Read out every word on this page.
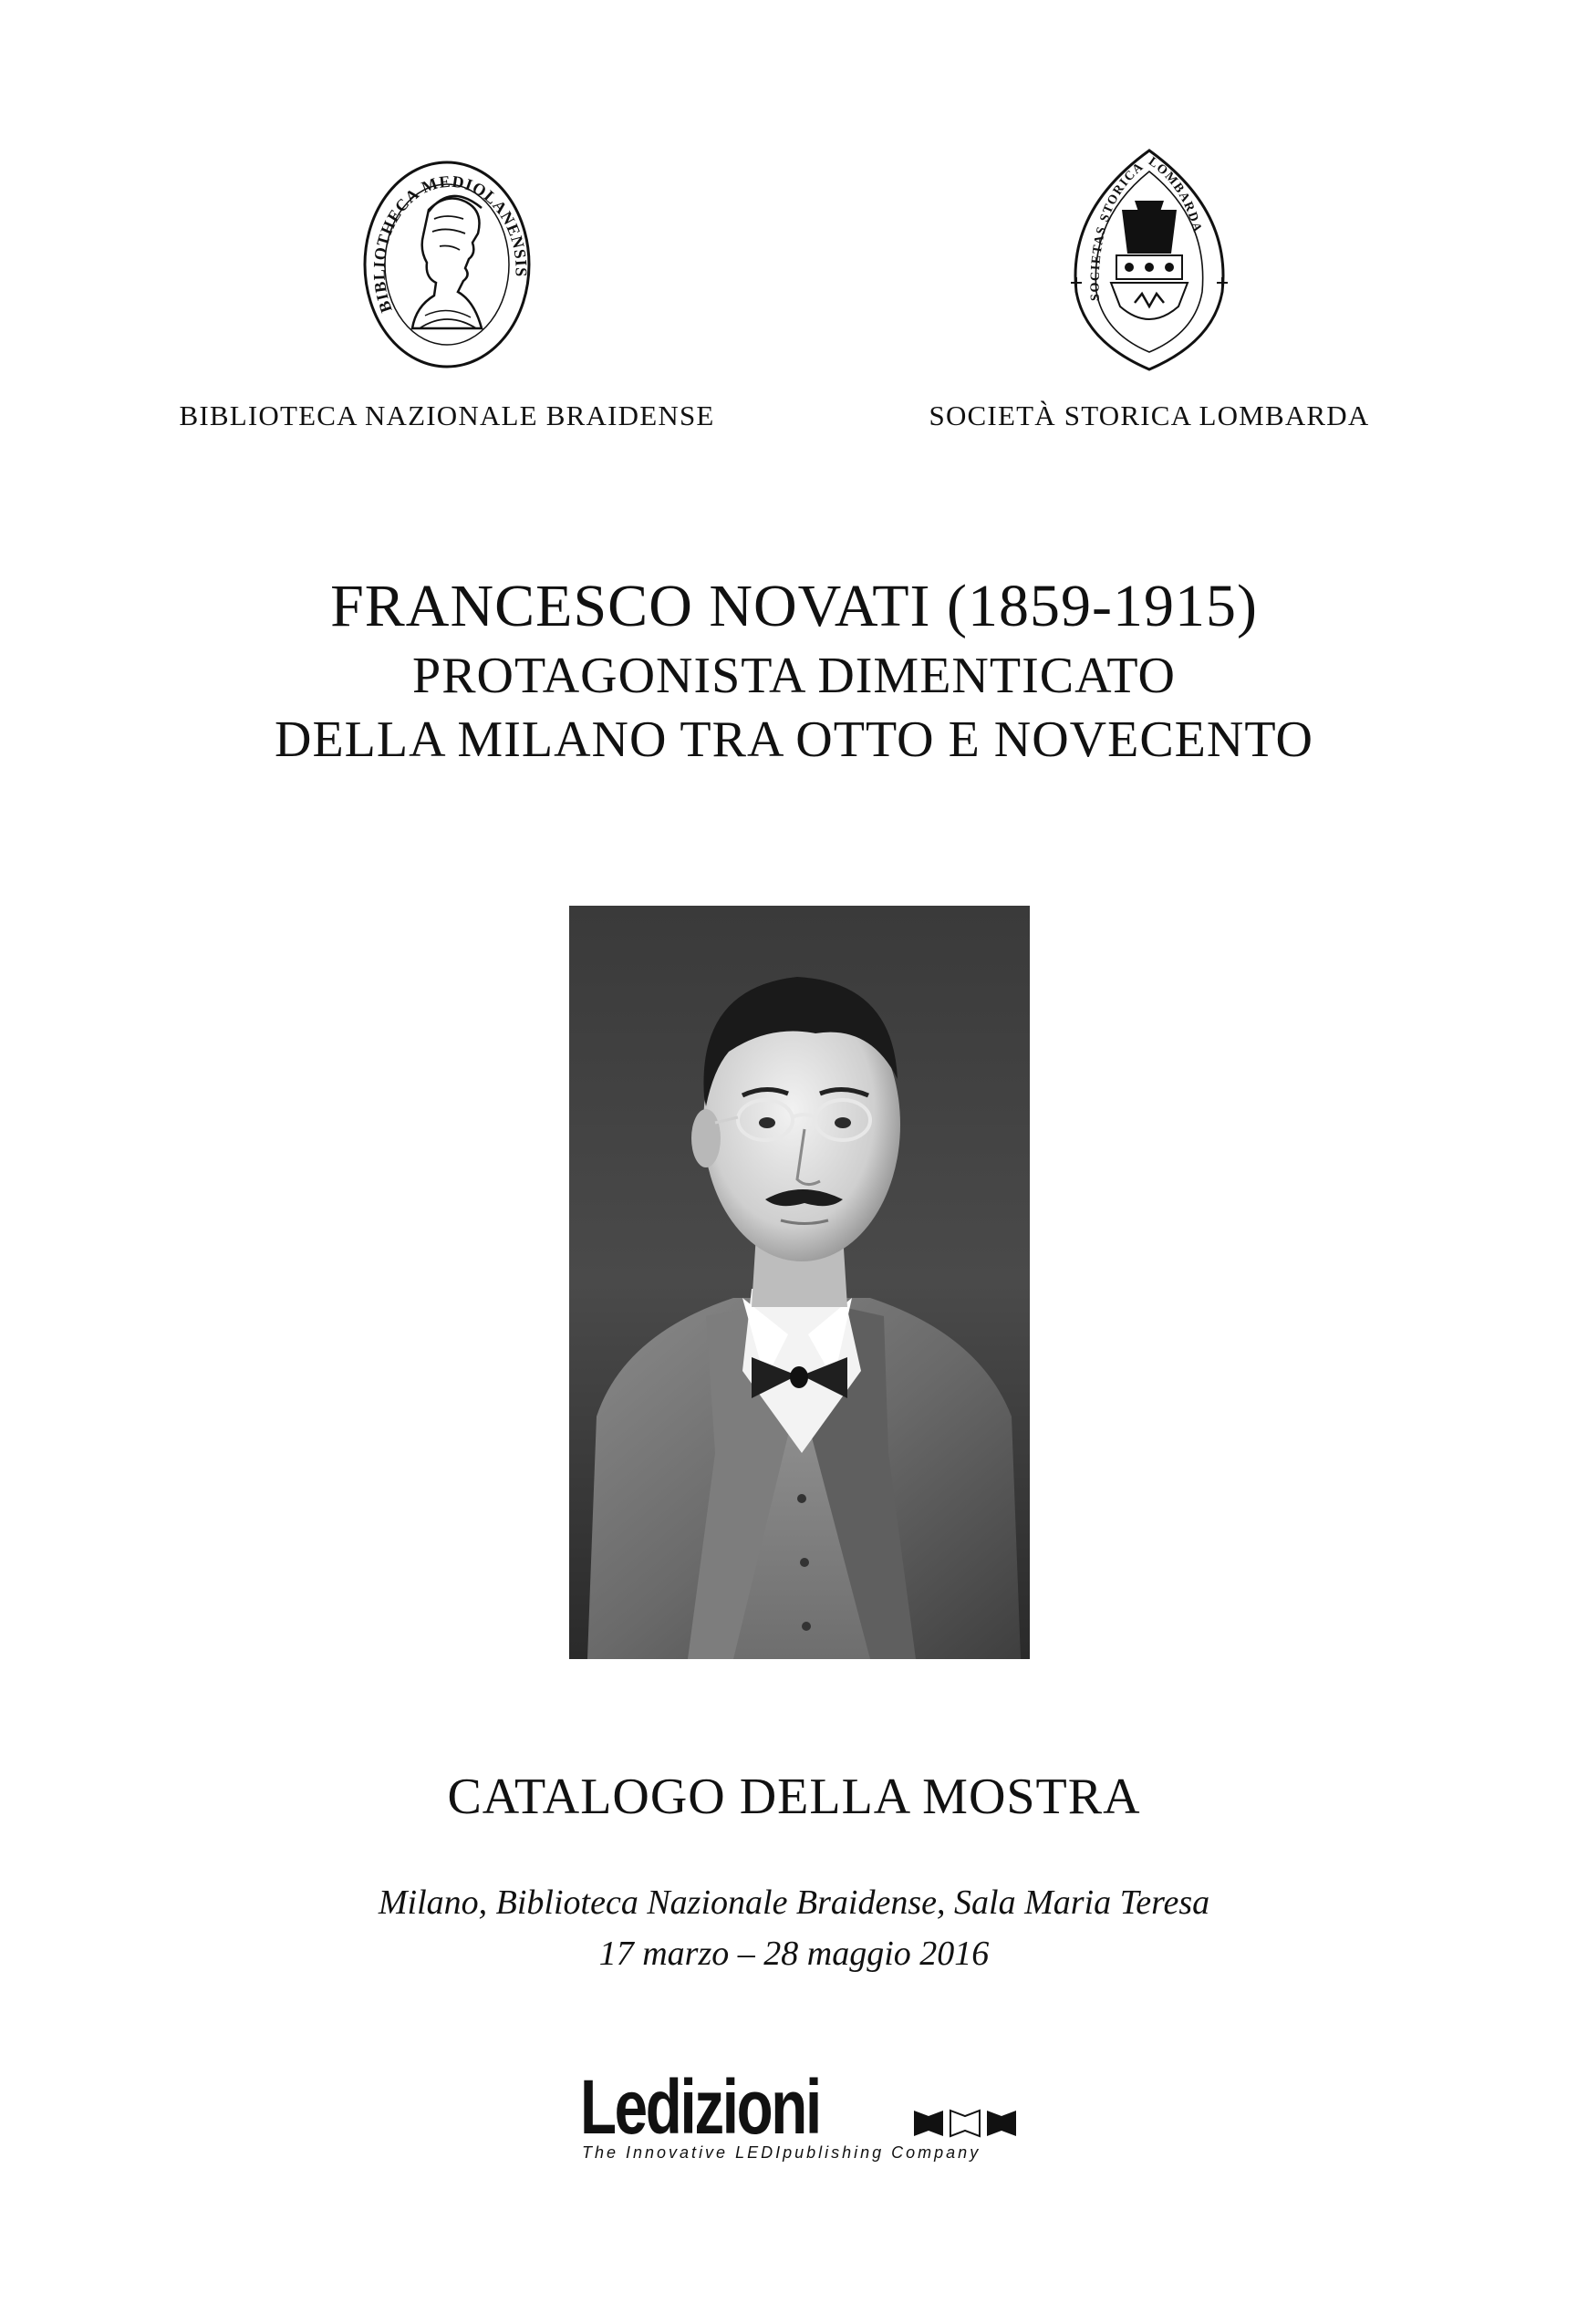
BIBLIOTHECA MEDIOLANENSIS
BIBLIOTECA NAZIONALE BRAIDENSE
SOCIETAS STORICA LOMBARDA
SOCIETÀ STORICA LOMBARDA
FRANCESCO NOVATI (1859-1915)
PROTAGONISTA DIMENTICATO
DELLA MILANO TRA OTTO E NOVECENTO
CATALOGO DELLA MOSTRA
Milano, Biblioteca Nazionale Braidense, Sala Maria Teresa
17 marzo – 28 maggio 2016
Ledizioni
The Innovative LEDIpublishing Company
